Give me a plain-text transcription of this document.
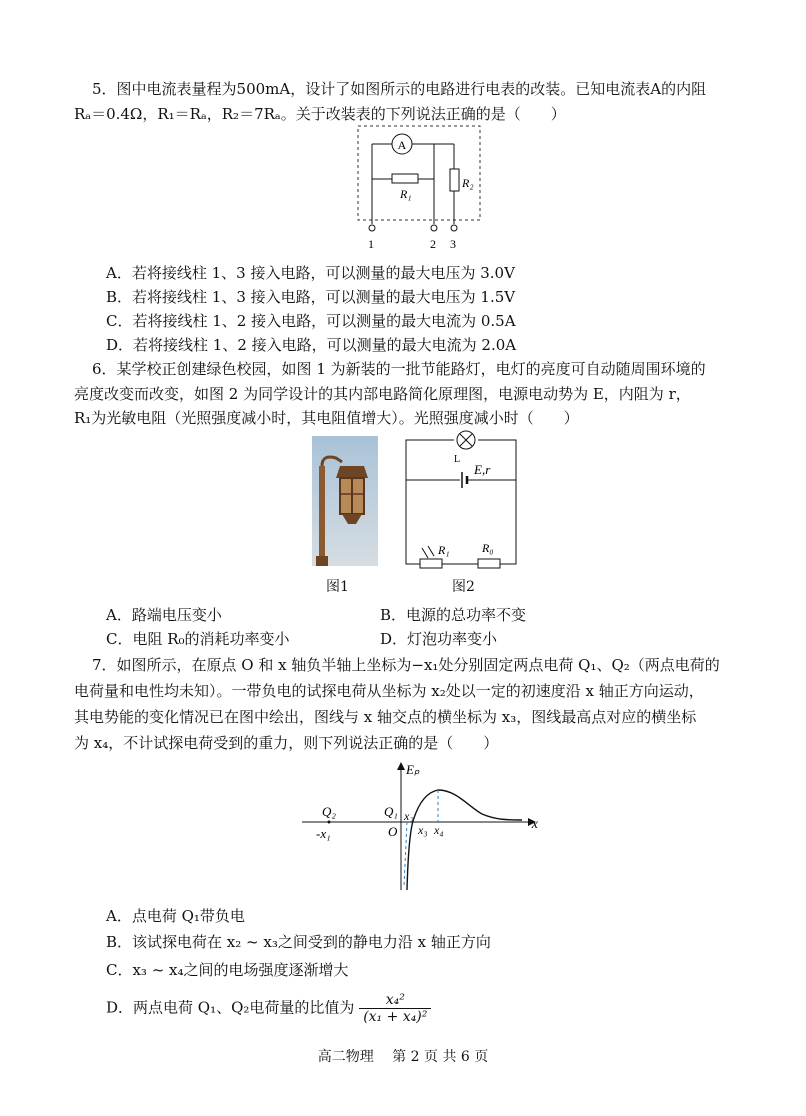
5．图中电流表量程为500mA，设计了如图所示的电路进行电表的改装。已知电流表A的内阻
Rₐ＝0.4Ω，R₁＝Rₐ，R₂＝7Rₐ。关于改装表的下列说法正确的是（　　）
A
R₁
R₂
1	2 3
A．若将接线柱 1、3 接入电路，可以测量的最大电压为 3.0V
B．若将接线柱 1、3 接入电路，可以测量的最大电压为 1.5V
C．若将接线柱 1、2 接入电路，可以测量的最大电流为 0.5A
D．若将接线柱 1、2 接入电路，可以测量的最大电流为 2.0A
6．某学校正创建绿色校园，如图 1 为新装的一批节能路灯，电灯的亮度可自动随周围环境的
亮度改变而改变，如图 2 为同学设计的其内部电路简化原理图，电源电动势为 E，内阻为 r，
R₁为光敏电阻（光照强度减小时，其电阻值增大）。光照强度减小时（　　）
图1
L
E,r
R₁	R₀
图2
A．路端电压变小	B．电源的总功率不变
C．电阻 R₀的消耗功率变小	D．灯泡功率变小
7．如图所示，在原点 O 和 x 轴负半轴上坐标为−x₁处分别固定两点电荷 Q₁、Q₂（两点电荷的
电荷量和电性均未知）。一带负电的试探电荷从坐标为 x₂处以一定的初速度沿 x 轴正方向运动，
其电势能的变化情况已在图中绘出，图线与 x 轴交点的横坐标为 x₃，图线最高点对应的横坐标
为 x₄，不计试探电荷受到的重力，则下列说法正确的是（　　）
Eₚ
x
Q₂
-x₁
Q₁ x₂
O x₃ x₄
A．点电荷 Q₁带负电
B．该试探电荷在 x₂ ~ x₃之间受到的静电力沿 x 轴正方向
C．x₃ ~ x₄之间的电场强度逐渐增大
D．两点电荷 Q₁、Q₂电荷量的比值为 $\frac{\text{x₄²}}{\text{(x₁ + x₄)²}}$
高二物理　 第 2 页 共 6 页
